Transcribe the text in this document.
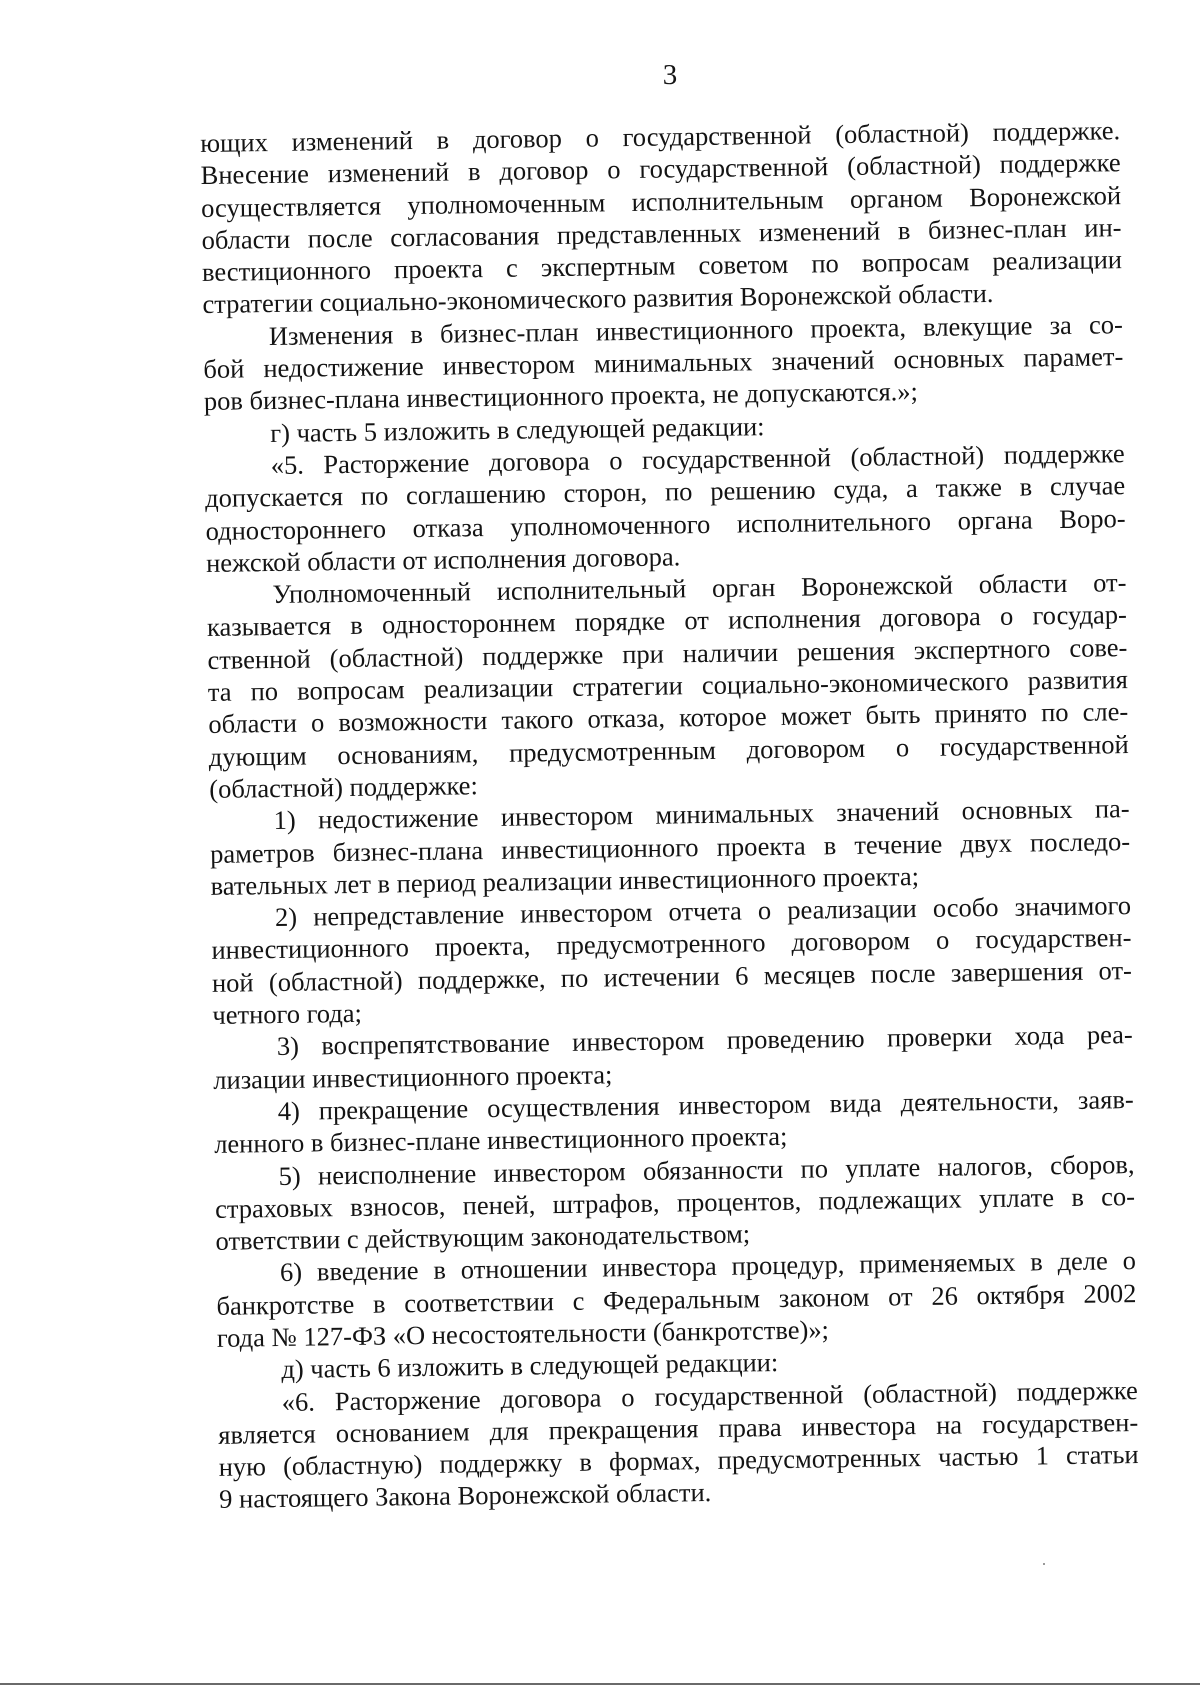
3
ющих изменений в договор о государственной (областной) поддержке.
Внесение изменений в договор о государственной (областной) поддержке
осуществляется уполномоченным исполнительным органом Воронежской
области после согласования представленных изменений в бизнес-план ин-
вестиционного проекта с экспертным советом по вопросам реализации
стратегии социально-экономического развития Воронежской области.
Изменения в бизнес-план инвестиционного проекта, влекущие за со-
бой недостижение инвестором минимальных значений основных парамет-
ров бизнес-плана инвестиционного проекта, не допускаются.»;
г) часть 5 изложить в следующей редакции:
«5. Расторжение договора о государственной (областной) поддержке
допускается по соглашению сторон, по решению суда, а также в случае
одностороннего отказа уполномоченного исполнительного органа Воро-
нежской области от исполнения договора.
Уполномоченный исполнительный орган Воронежской области от-
казывается в одностороннем порядке от исполнения договора о государ-
ственной (областной) поддержке при наличии решения экспертного сове-
та по вопросам реализации стратегии социально-экономического развития
области о возможности такого отказа, которое может быть принято по сле-
дующим основаниям, предусмотренным договором о государственной
(областной) поддержке:
1) недостижение инвестором минимальных значений основных па-
раметров бизнес-плана инвестиционного проекта в течение двух последо-
вательных лет в период реализации инвестиционного проекта;
2) непредставление инвестором отчета о реализации особо значимого
инвестиционного проекта, предусмотренного договором о государствен-
ной (областной) поддержке, по истечении 6 месяцев после завершения от-
четного года;
3) воспрепятствование инвестором проведению проверки хода реа-
лизации инвестиционного проекта;
4) прекращение осуществления инвестором вида деятельности, заяв-
ленного в бизнес-плане инвестиционного проекта;
5) неисполнение инвестором обязанности по уплате налогов, сборов,
страховых взносов, пеней, штрафов, процентов, подлежащих уплате в со-
ответствии с действующим законодательством;
6) введение в отношении инвестора процедур, применяемых в деле о
банкротстве в соответствии с Федеральным законом от 26 октября 2002
года № 127-ФЗ «О несостоятельности (банкротстве)»;
д) часть 6 изложить в следующей редакции:
«6. Расторжение договора о государственной (областной) поддержке
является основанием для прекращения права инвестора на государствен-
ную (областную) поддержку в формах, предусмотренных частью 1 статьи
9 настоящего Закона Воронежской области.
